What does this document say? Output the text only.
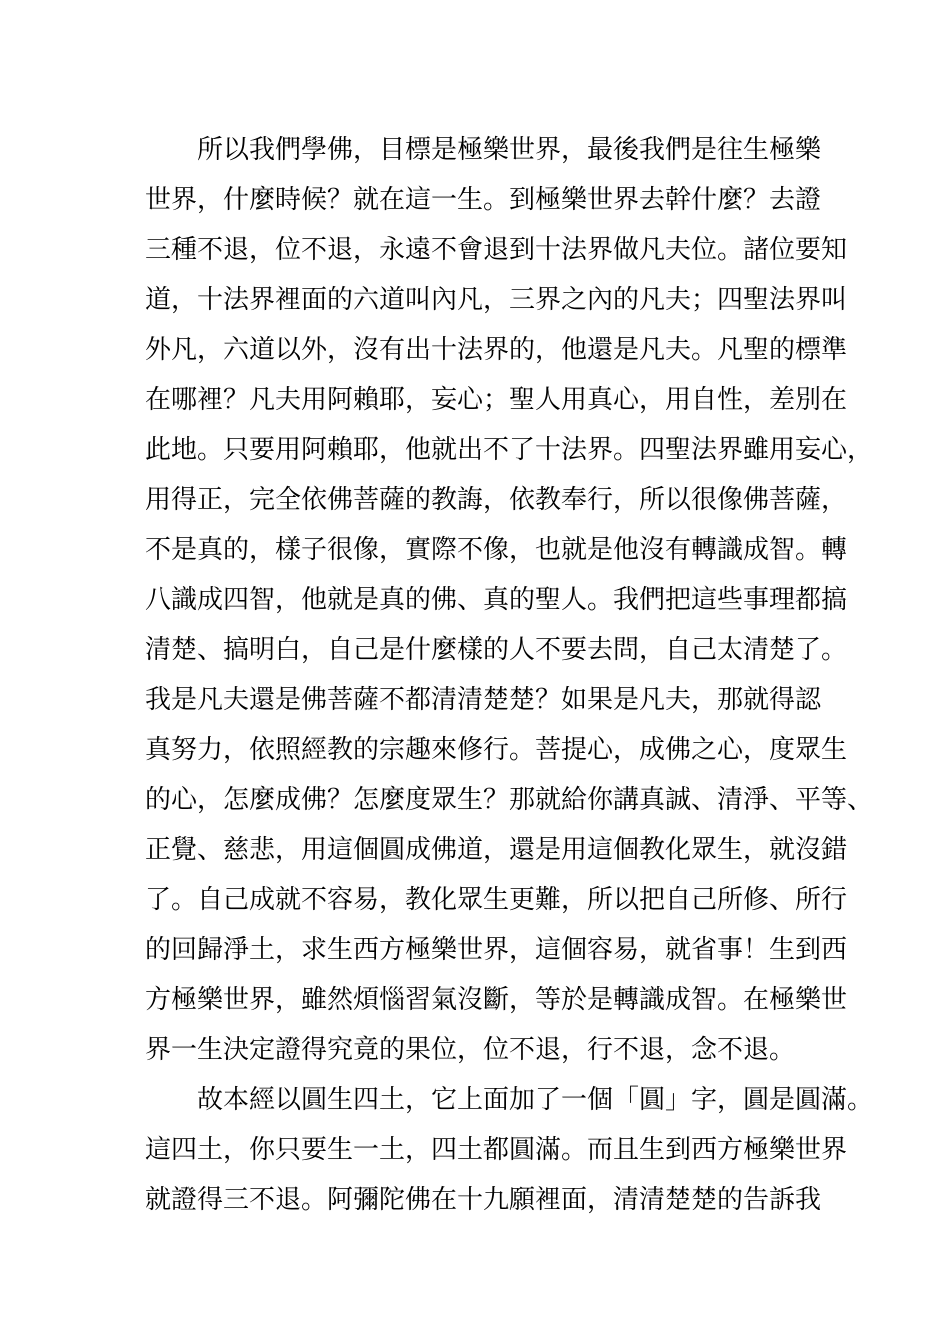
所以我們學佛，目標是極樂世界，最後我們是往生極樂
世界，什麼時候？就在這一生。到極樂世界去幹什麼？去證
三種不退，位不退，永遠不會退到十法界做凡夫位。諸位要知
道，十法界裡面的六道叫內凡，三界之內的凡夫；四聖法界叫
外凡，六道以外，沒有出十法界的，他還是凡夫。凡聖的標準
在哪裡？凡夫用阿賴耶，妄心；聖人用真心，用自性，差別在
此地。只要用阿賴耶，他就出不了十法界。四聖法界雖用妄心，
用得正，完全依佛菩薩的教誨，依教奉行，所以很像佛菩薩，
不是真的，樣子很像，實際不像，也就是他沒有轉識成智。轉
八識成四智，他就是真的佛、真的聖人。我們把這些事理都搞
清楚、搞明白，自己是什麼樣的人不要去問，自己太清楚了。
我是凡夫還是佛菩薩不都清清楚楚？如果是凡夫，那就得認
真努力，依照經教的宗趣來修行。菩提心，成佛之心，度眾生
的心，怎麼成佛？怎麼度眾生？那就給你講真誠、清淨、平等、
正覺、慈悲，用這個圓成佛道，還是用這個教化眾生，就沒錯
了。自己成就不容易，教化眾生更難，所以把自己所修、所行
的回歸淨土，求生西方極樂世界，這個容易，就省事！生到西
方極樂世界，雖然煩惱習氣沒斷，等於是轉識成智。在極樂世
界一生決定證得究竟的果位，位不退，行不退，念不退。
故本經以圓生四土，它上面加了一個「圓」字，圓是圓滿。
這四土，你只要生一土，四土都圓滿。而且生到西方極樂世界
就證得三不退。阿彌陀佛在十九願裡面，清清楚楚的告訴我
